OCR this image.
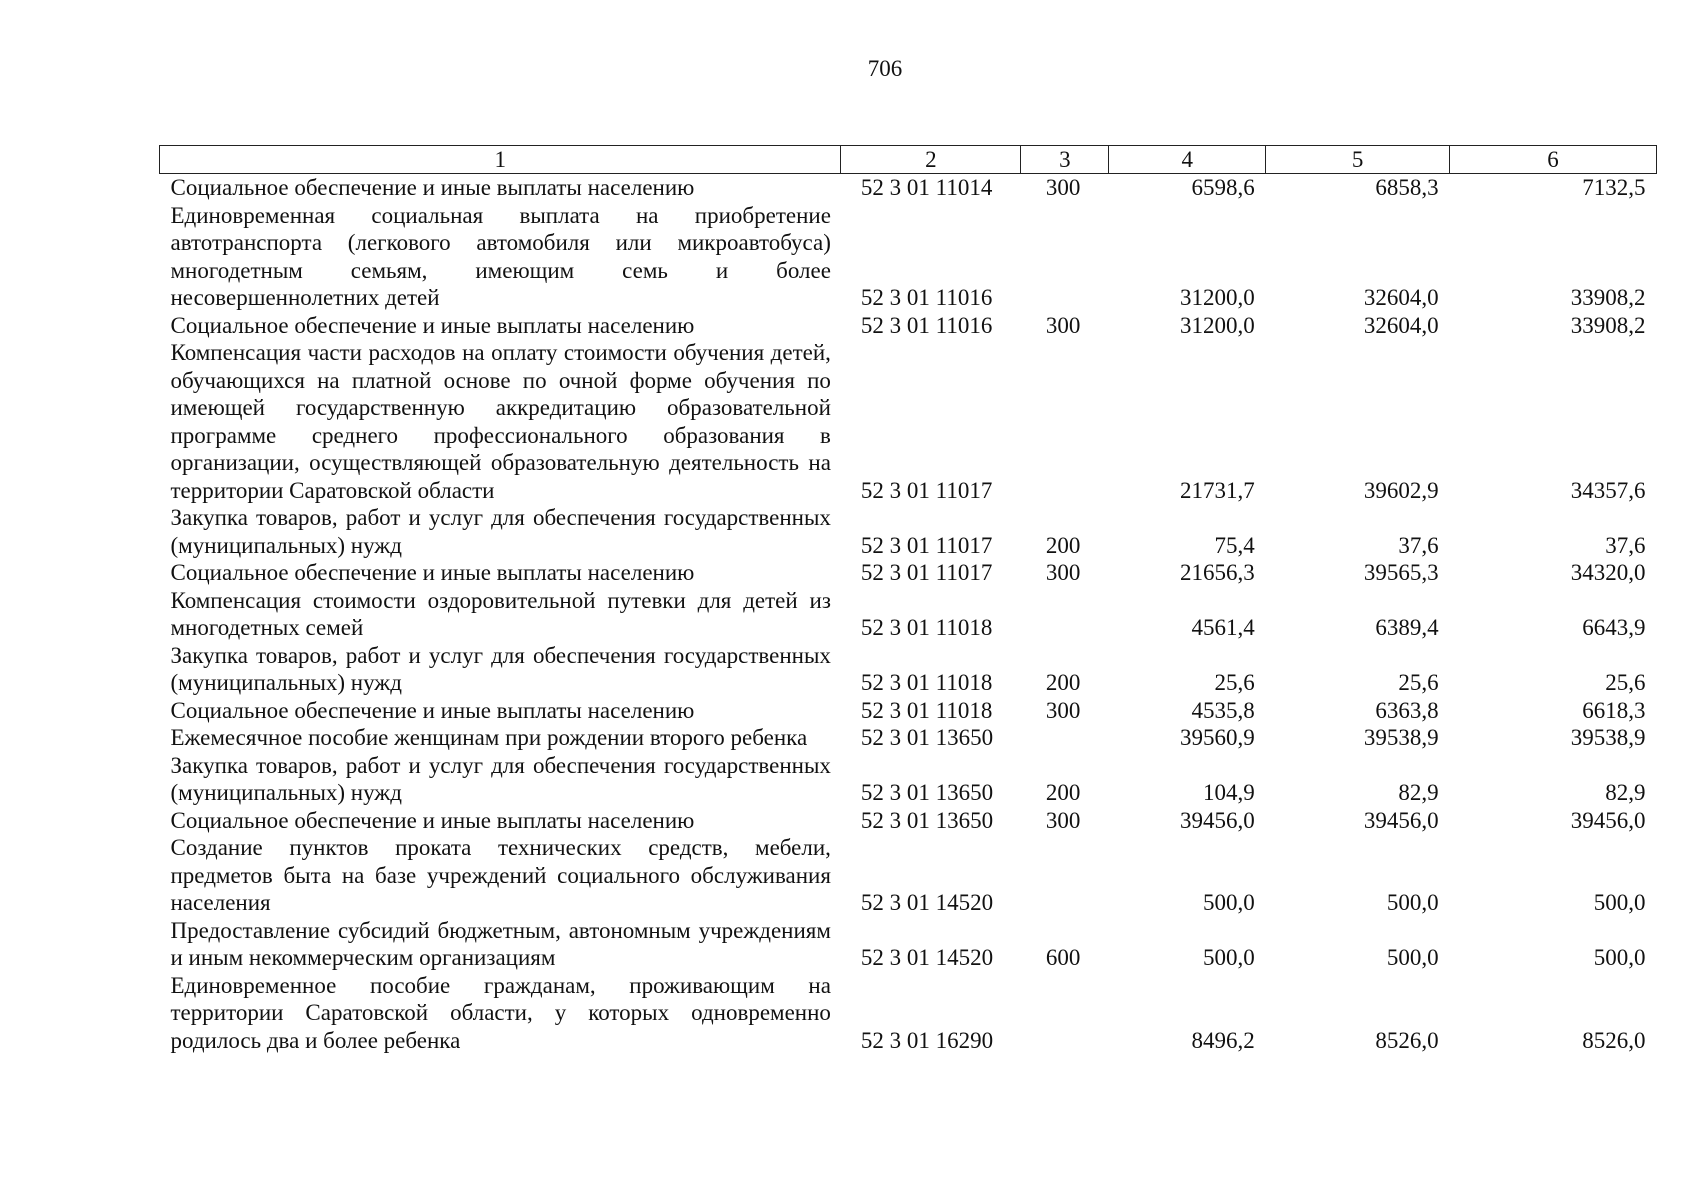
706
1	2	3	4	5	6
Социальное обеспечение и иные выплаты населению	52 3 01 11014	300	6598,6	6858,3	7132,5
Единовременная социальная выплата на приобретение автотранспорта (легкового автомобиля или микроавтобуса) многодетным семьям, имеющим семь и более несовершеннолетних детей	52 3 01 11016		31200,0	32604,0	33908,2
Социальное обеспечение и иные выплаты населению	52 3 01 11016	300	31200,0	32604,0	33908,2
Компенсация части расходов на оплату стоимости обучения детей, обучающихся на платной основе по очной форме обучения по имеющей государственную аккредитацию образовательной программе среднего профессионального образования в организации, осуществляющей образовательную деятельность на территории Саратовской области	52 3 01 11017		21731,7	39602,9	34357,6
Закупка товаров, работ и услуг для обеспечения государственных (муниципальных) нужд	52 3 01 11017	200	75,4	37,6	37,6
Социальное обеспечение и иные выплаты населению	52 3 01 11017	300	21656,3	39565,3	34320,0
Компенсация стоимости оздоровительной путевки для детей из многодетных семей	52 3 01 11018		4561,4	6389,4	6643,9
Закупка товаров, работ и услуг для обеспечения государственных (муниципальных) нужд	52 3 01 11018	200	25,6	25,6	25,6
Социальное обеспечение и иные выплаты населению	52 3 01 11018	300	4535,8	6363,8	6618,3
Ежемесячное пособие женщинам при рождении второго ребенка	52 3 01 13650		39560,9	39538,9	39538,9
Закупка товаров, работ и услуг для обеспечения государственных (муниципальных) нужд	52 3 01 13650	200	104,9	82,9	82,9
Социальное обеспечение и иные выплаты населению	52 3 01 13650	300	39456,0	39456,0	39456,0
Создание пунктов проката технических средств, мебели, предметов быта на базе учреждений социального обслуживания населения	52 3 01 14520		500,0	500,0	500,0
Предоставление субсидий бюджетным, автономным учреждениям и иным некоммерческим организациям	52 3 01 14520	600	500,0	500,0	500,0
Единовременное пособие гражданам, проживающим на территории Саратовской области, у которых одновременно родилось два и более ребенка	52 3 01 16290		8496,2	8526,0	8526,0
